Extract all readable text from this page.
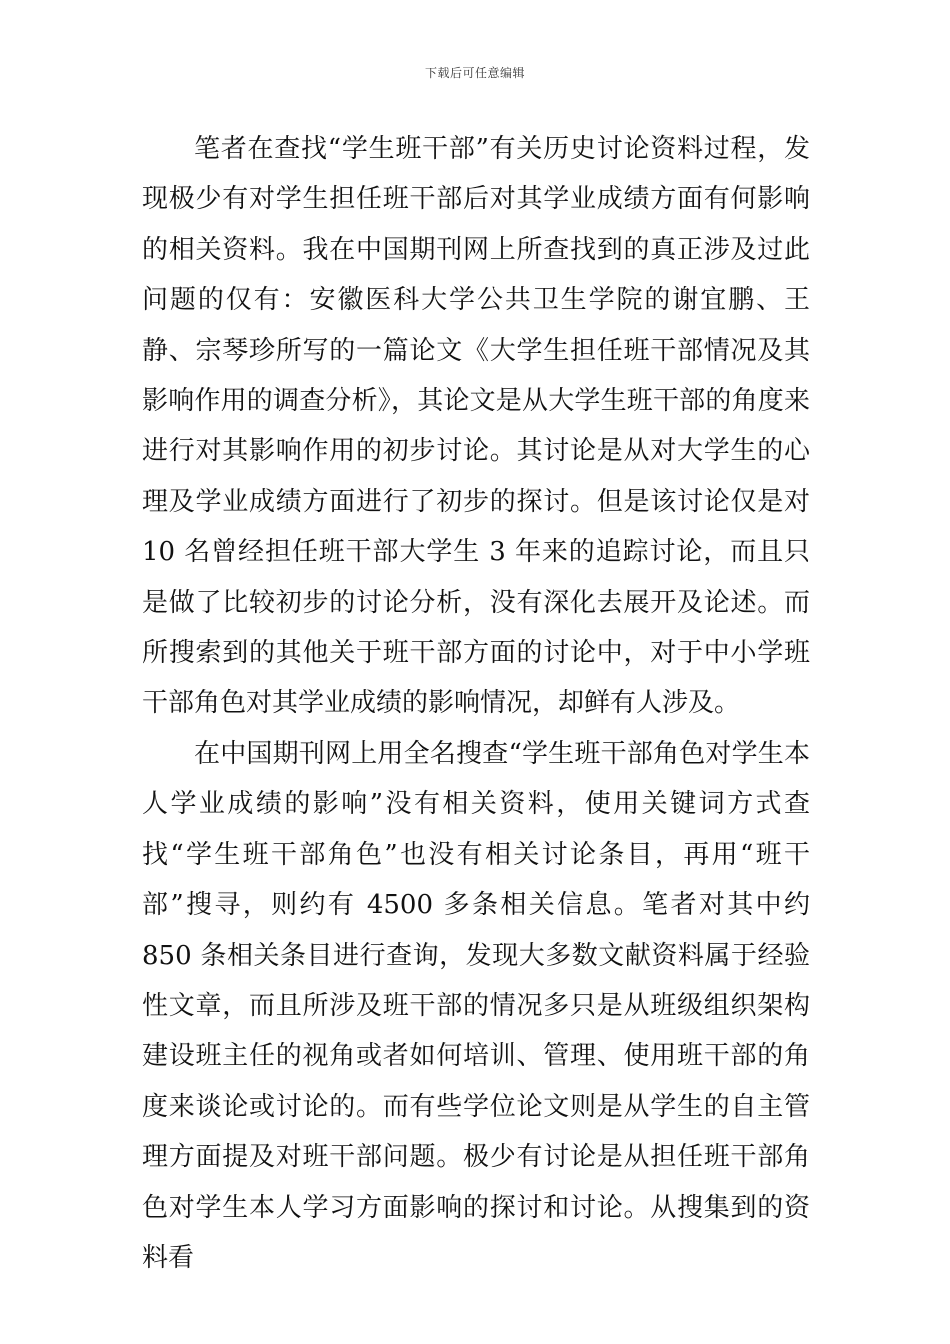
下载后可任意编辑

笔者在查找“学生班干部”有关历史讨论资料过程，发现极少有对学生担任班干部后对其学业成绩方面有何影响的相关资料。我在中国期刊网上所查找到的真正涉及过此问题的仅有：安徽医科大学公共卫生学院的谢宜鹏、王静、宗琴珍所写的一篇论文《大学生担任班干部情况及其影响作用的调查分析》，其论文是从大学生班干部的角度来进行对其影响作用的初步讨论。其讨论是从对大学生的心理及学业成绩方面进行了初步的探讨。但是该讨论仅是对 10 名曾经担任班干部大学生 3 年来的追踪讨论，而且只是做了比较初步的讨论分析，没有深化去展开及论述。而所搜索到的其他关于班干部方面的讨论中，对于中小学班干部角色对其学业成绩的影响情况，却鲜有人涉及。

在中国期刊网上用全名搜查“学生班干部角色对学生本人学业成绩的影响”没有相关资料，使用关键词方式查找“学生班干部角色”也没有相关讨论条目，再用“班干部”搜寻，则约有 4500 多条相关信息。笔者对其中约 850 条相关条目进行查询，发现大多数文献资料属于经验性文章，而且所涉及班干部的情况多只是从班级组织架构建设班主任的视角或者如何培训、管理、使用班干部的角度来谈论或讨论的。而有些学位论文则是从学生的自主管理方面提及对班干部问题。极少有讨论是从担任班干部角色对学生本人学习方面影响的探讨和讨论。从搜集到的资料看
